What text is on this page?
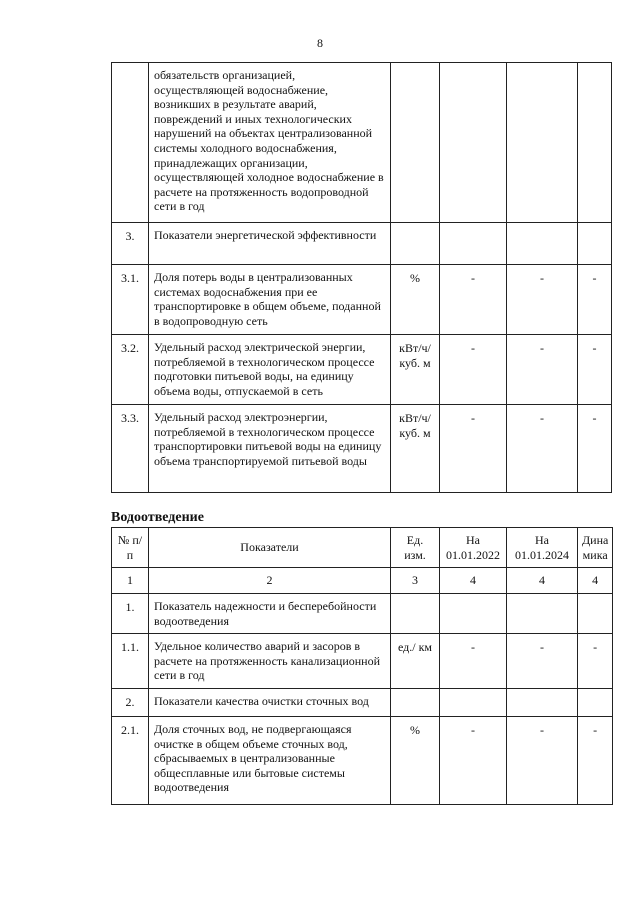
8
	обязательств организацией, осуществляющей водоснабжение, возникших в результате аварий, повреждений и иных технологических нарушений на объектах централизованной системы холодного водоснабжения, принадлежащих организации, осуществляющей холодное водоснабжение в расчете на протяженность водопроводной сети в год				
3.	Показатели энергетической эффективности				
3.1.	Доля потерь воды в централизованных системах водоснабжения при ее транспортировке в общем объеме, поданной в водопроводную сеть	%	-	-	-
3.2.	Удельный расход электрической энергии, потребляемой в технологическом процессе подготовки питьевой воды, на единицу объема воды, отпускаемой в сеть	кВт/ч/ куб. м	-	-	-
3.3.	Удельный расход электроэнергии, потребляемой в технологическом процессе транспортировки питьевой воды на единицу объема транспортируемой питьевой воды	кВт/ч/ куб. м	-	-	-
Водоотведение
№ п/п	Показатели	Ед. изм.	На 01.01.2022	На 01.01.2024	Дина мика
1	2	3	4	4	4
1.	Показатель надежности и бесперебойности водоотведения				
1.1.	Удельное количество аварий и засоров в расчете на протяженность канализационной сети в год	ед./ км	-	-	-
2.	Показатели качества очистки сточных вод				
2.1.	Доля сточных вод, не подвергающаяся очистке в общем объеме сточных вод, сбрасываемых в централизованные общесплавные или бытовые системы водоотведения	%	-	-	-
